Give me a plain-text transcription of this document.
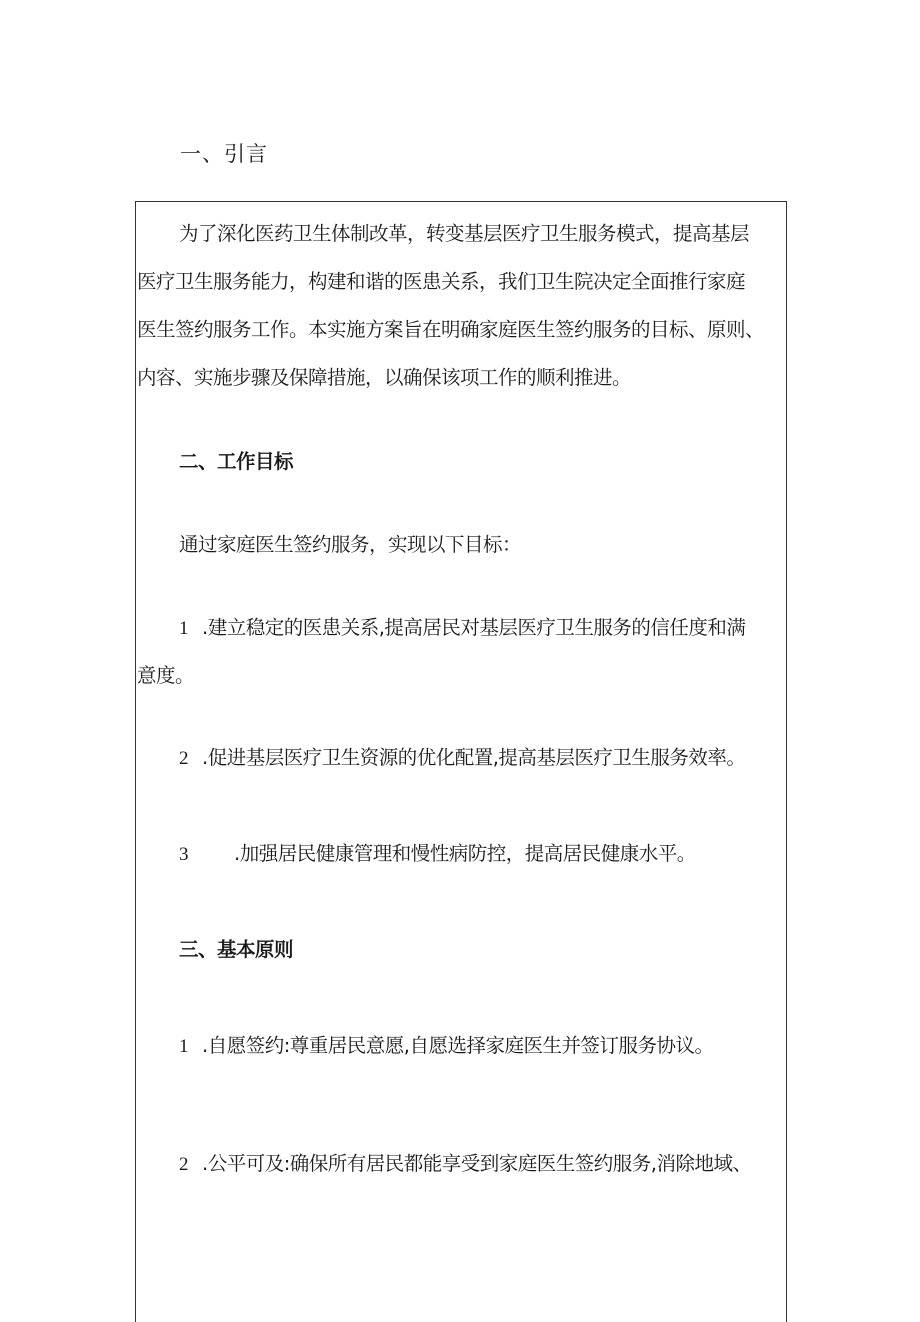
一、引言
为了深化医药卫生体制改革，转变基层医疗卫生服务模式，提高基层
医疗卫生服务能力，构建和谐的医患关系，我们卫生院决定全面推行家庭
医生签约服务工作。本实施方案旨在明确家庭医生签约服务的目标、原则、
内容、实施步骤及保障措施，以确保该项工作的顺利推进。
二、工作目标
通过家庭医生签约服务，实现以下目标：
1 .建立稳定的医患关系,提高居民对基层医疗卫生服务的信任度和满
意度。
2 .促进基层医疗卫生资源的优化配置,提高基层医疗卫生服务效率。
3 .加强居民健康管理和慢性病防控，提高居民健康水平。
三、基本原则
1 .自愿签约:尊重居民意愿,自愿选择家庭医生并签订服务协议。
2 .公平可及:确保所有居民都能享受到家庭医生签约服务,消除地域、
